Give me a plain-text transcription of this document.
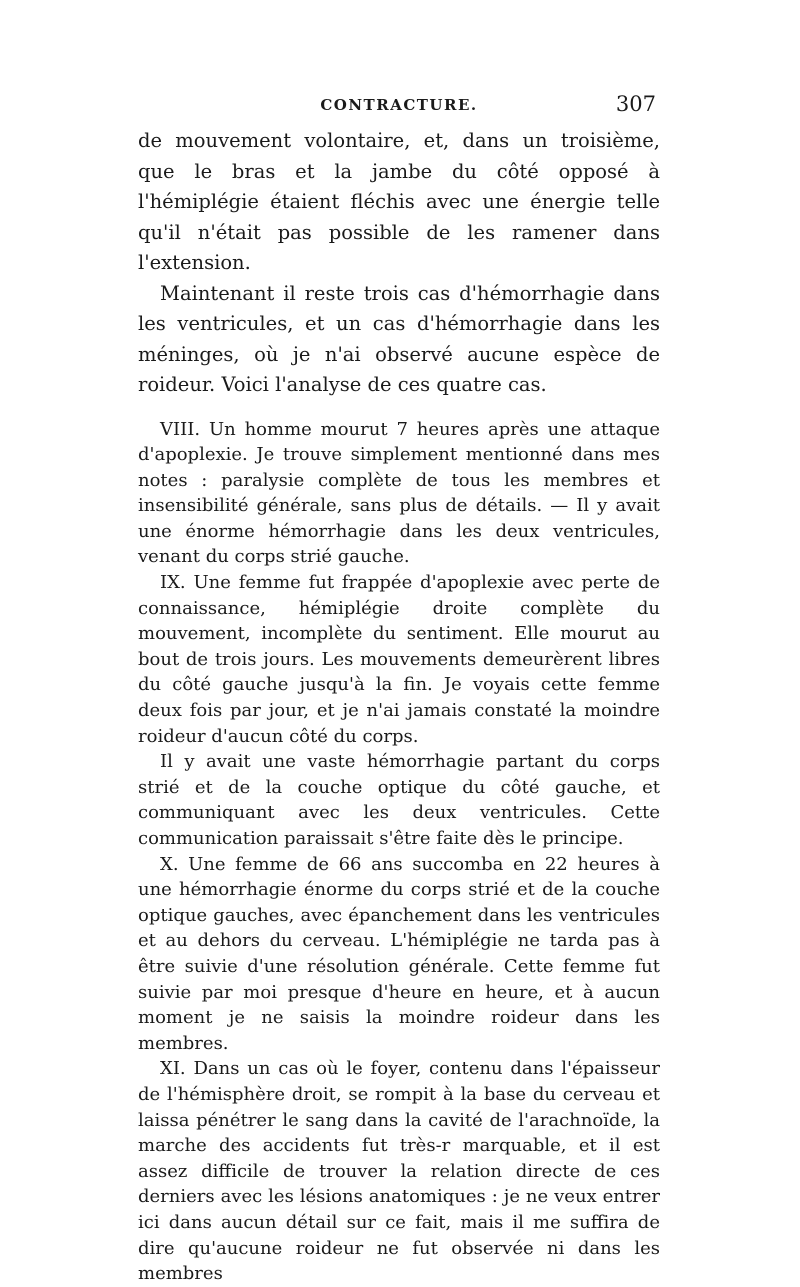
CONTRACTURE.	307

de mouvement volontaire, et, dans un troisième, que le bras et la jambe du côté opposé à l'hémiplégie étaient fléchis avec une énergie telle qu'il n'était pas possible de les ramener dans l'extension.

Maintenant il reste trois cas d'hémorrhagie dans les ventricules, et un cas d'hémorrhagie dans les méninges, où je n'ai observé aucune espèce de roideur. Voici l'analyse de ces quatre cas.

VIII. Un homme mourut 7 heures après une attaque d'apoplexie. Je trouve simplement mentionné dans mes notes : paralysie complète de tous les membres et insensibilité générale, sans plus de détails. — Il y avait une énorme hémorrhagie dans les deux ventricules, venant du corps strié gauche.

IX. Une femme fut frappée d'apoplexie avec perte de connaissance, hémiplégie droite complète du mouvement, incomplète du sentiment. Elle mourut au bout de trois jours. Les mouvements demeurèrent libres du côté gauche jusqu'à la fin. Je voyais cette femme deux fois par jour, et je n'ai jamais constaté la moindre roideur d'aucun côté du corps.

Il y avait une vaste hémorrhagie partant du corps strié et de la couche optique du côté gauche, et communiquant avec les deux ventricules. Cette communication paraissait s'être faite dès le principe.

X. Une femme de 66 ans succomba en 22 heures à une hémorrhagie énorme du corps strié et de la couche optique gauches, avec épanchement dans les ventricules et au dehors du cerveau. L'hémiplégie ne tarda pas à être suivie d'une résolution générale. Cette femme fut suivie par moi presque d'heure en heure, et à aucun moment je ne saisis la moindre roideur dans les membres.

XI. Dans un cas où le foyer, contenu dans l'épaisseur de l'hémisphère droit, se rompit à la base du cerveau et laissa pénétrer le sang dans la cavité de l'arachnoïde, la marche des accidents fut très-r marquable, et il est assez difficile de trouver la relation directe de ces derniers avec les lésions anatomiques : je ne veux entrer ici dans aucun détail sur ce fait, mais il me suffira de dire qu'aucune roideur ne fut observée ni dans les membres
